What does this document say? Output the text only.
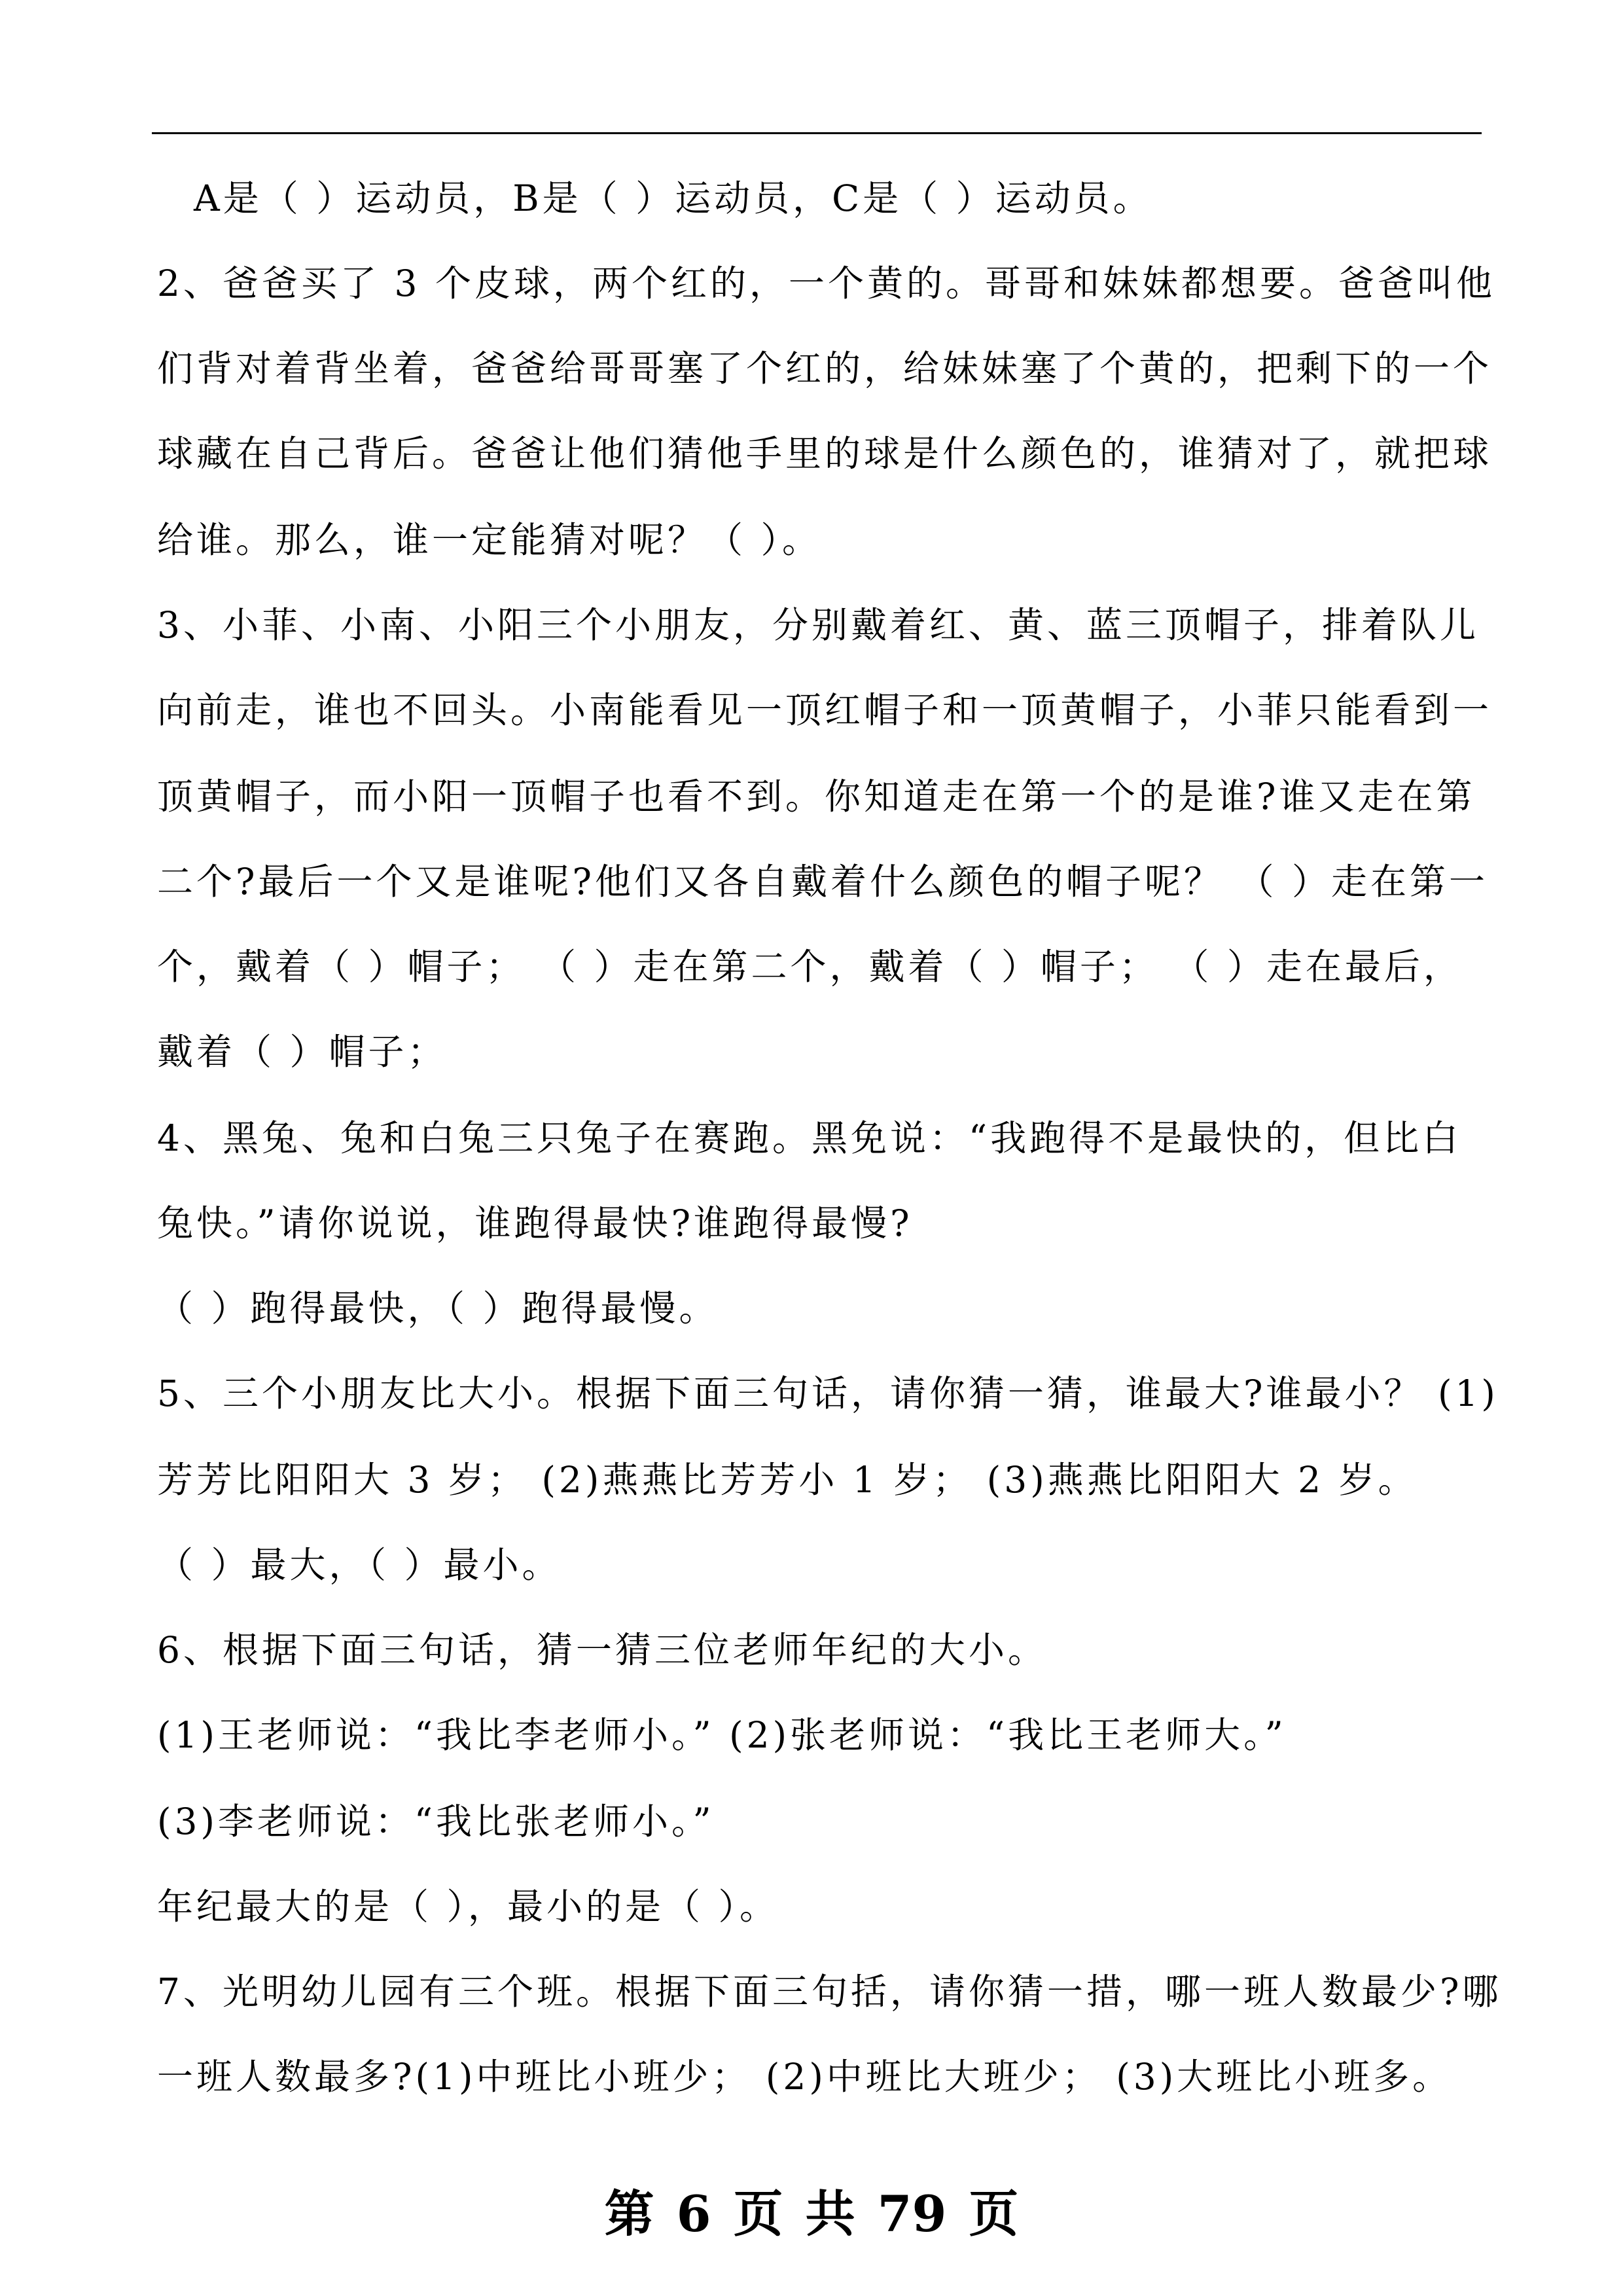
A是（ ）运动员，B是（ ）运动员，C是（ ）运动员。
2、爸爸买了 3 个皮球，两个红的，一个黄的。哥哥和妹妹都想要。爸爸叫他
们背对着背坐着，爸爸给哥哥塞了个红的，给妹妹塞了个黄的，把剩下的一个
球藏在自己背后。爸爸让他们猜他手里的球是什么颜色的，谁猜对了，就把球
给谁。那么，谁一定能猜对呢？（ ）。
3、小菲、小南、小阳三个小朋友，分别戴着红、黄、蓝三顶帽子，排着队儿
向前走，谁也不回头。小南能看见一顶红帽子和一顶黄帽子，小菲只能看到一
顶黄帽子，而小阳一顶帽子也看不到。你知道走在第一个的是谁?谁又走在第
二个?最后一个又是谁呢?他们又各自戴着什么颜色的帽子呢？ （ ）走在第一
个，戴着（ ）帽子； （ ）走在第二个，戴着（ ）帽子； （ ）走在最后，
戴着（ ）帽子；
4、黑兔、兔和白兔三只兔子在赛跑。黑免说：“我跑得不是最快的，但比白
兔快。”请你说说，谁跑得最快?谁跑得最慢?
（ ）跑得最快，（ ）跑得最慢。
5、三个小朋友比大小。根据下面三句话，请你猜一猜，谁最大?谁最小？ (1)
芳芳比阳阳大 3 岁； (2)燕燕比芳芳小 1 岁； (3)燕燕比阳阳大 2 岁。
（ ）最大，（ ）最小。
6、根据下面三句话，猜一猜三位老师年纪的大小。
(1)王老师说：“我比李老师小。” (2)张老师说：“我比王老师大。”
(3)李老师说：“我比张老师小。”
年纪最大的是（ ），最小的是（ ）。
7、光明幼儿园有三个班。根据下面三句括，请你猜一措，哪一班人数最少?哪
一班人数最多?(1)中班比小班少； (2)中班比大班少； (3)大班比小班多。
第 6 页 共 79 页
